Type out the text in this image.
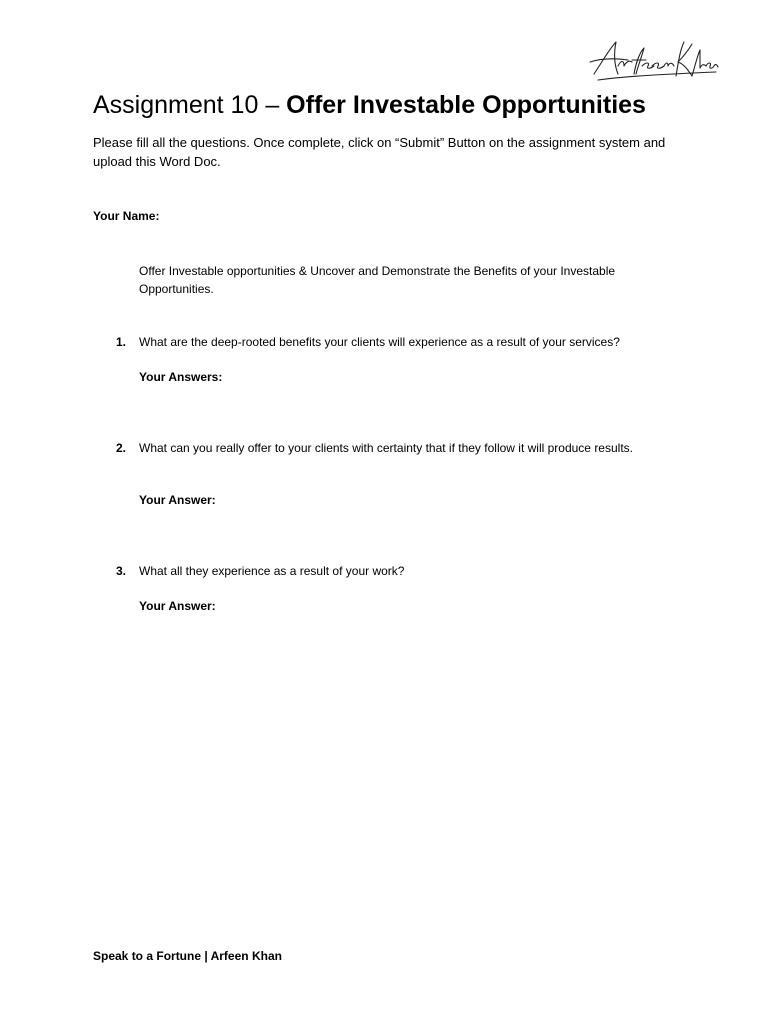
Assignment 10 – Offer Investable Opportunities

Please fill all the questions. Once complete, click on “Submit” Button on the assignment system and upload this Word Doc.

Your Name:

Offer Investable opportunities & Uncover and Demonstrate the Benefits of your Investable Opportunities.

1. What are the deep-rooted benefits your clients will experience as a result of your services?

Your Answers:
2. What can you really offer to your clients with certainty that if they follow it will produce results.

Your Answer:
3. What all they experience as a result of your work?

Your Answer:
Speak to a Fortune | Arfeen Khan
